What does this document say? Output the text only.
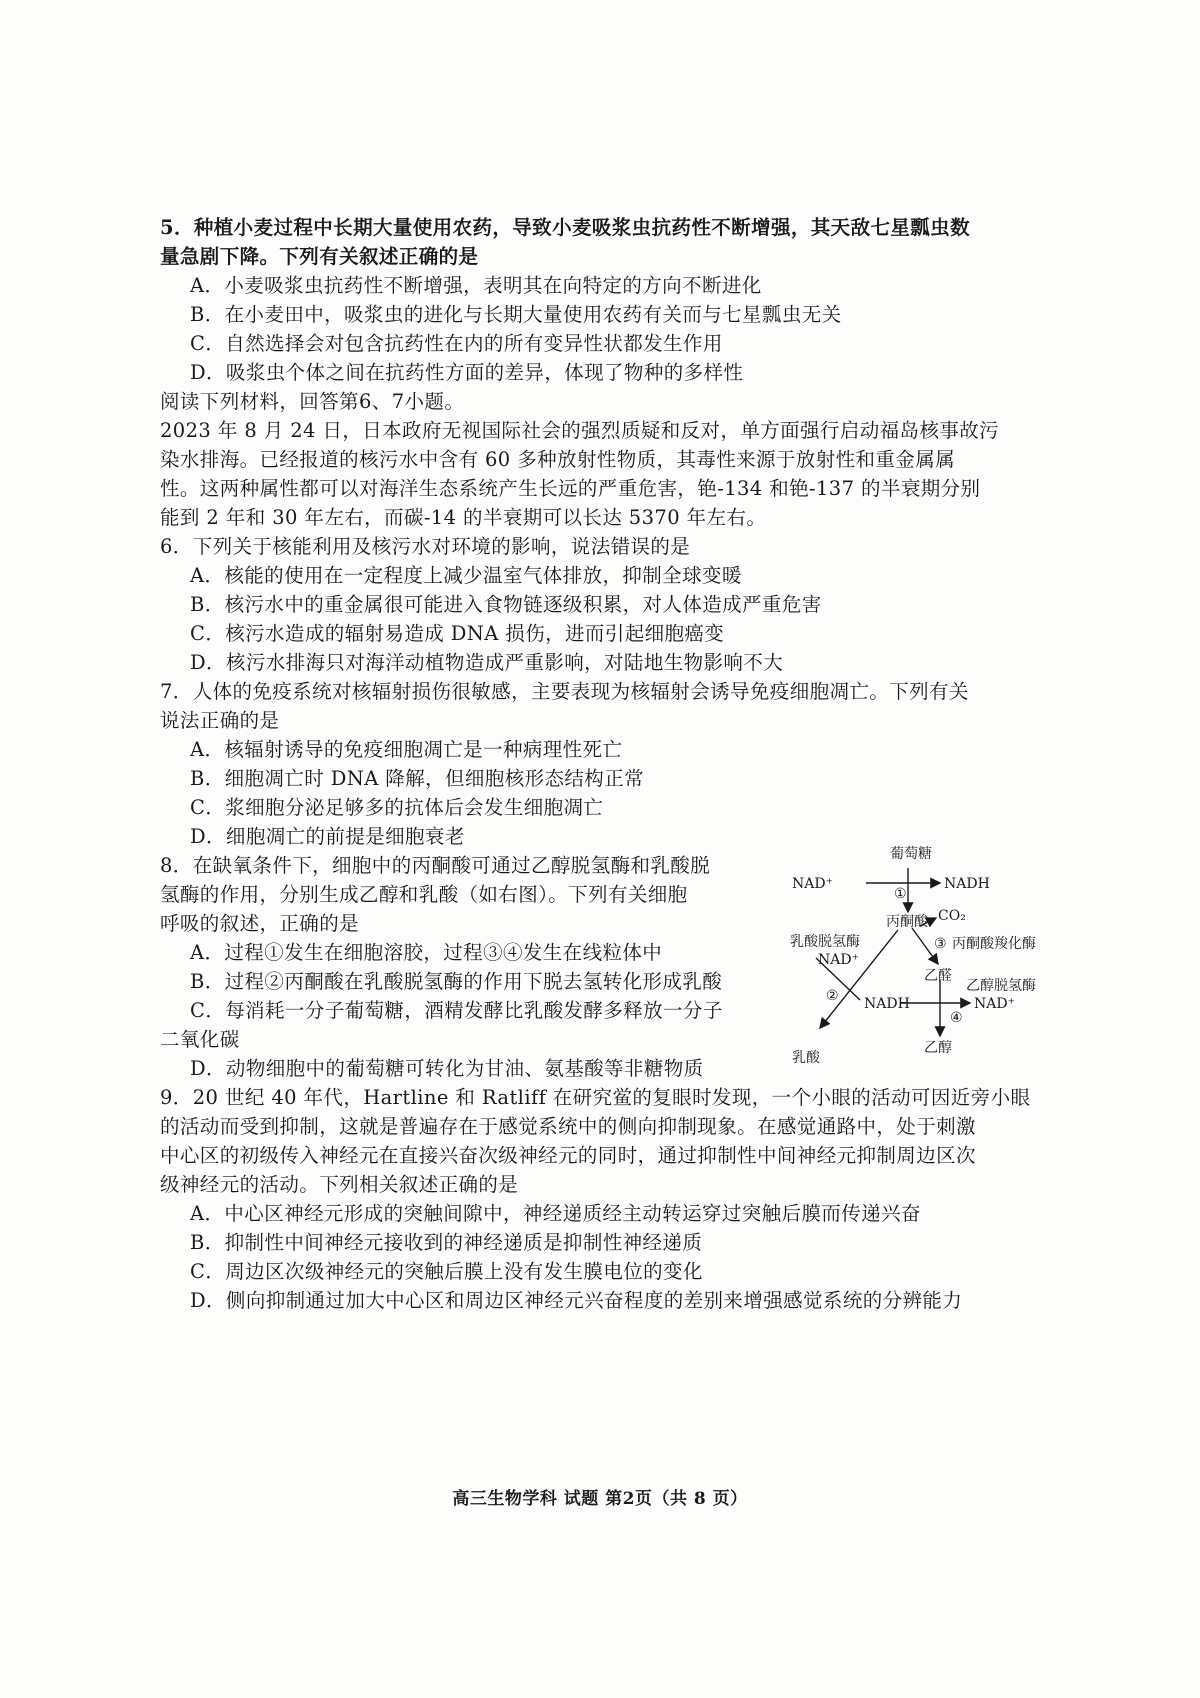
5．种植小麦过程中长期大量使用农药，导致小麦吸浆虫抗药性不断增强，其天敌七星瓢虫数
量急剧下降。下列有关叙述正确的是
A．小麦吸浆虫抗药性不断增强，表明其在向特定的方向不断进化
B．在小麦田中，吸浆虫的进化与长期大量使用农药有关而与七星瓢虫无关
C．自然选择会对包含抗药性在内的所有变异性状都发生作用
D．吸浆虫个体之间在抗药性方面的差异，体现了物种的多样性
阅读下列材料，回答第6、7小题。
2023 年 8 月 24 日，日本政府无视国际社会的强烈质疑和反对，单方面强行启动福岛核事故污
染水排海。已经报道的核污水中含有 60 多种放射性物质，其毒性来源于放射性和重金属属
性。这两种属性都可以对海洋生态系统产生长远的严重危害，铯-134 和铯-137 的半衰期分别
能到 2 年和 30 年左右，而碳-14 的半衰期可以长达 5370 年左右。
6．下列关于核能利用及核污水对环境的影响，说法错误的是
A．核能的使用在一定程度上减少温室气体排放，抑制全球变暖
B．核污水中的重金属很可能进入食物链逐级积累，对人体造成严重危害
C．核污水造成的辐射易造成 DNA 损伤，进而引起细胞癌变
D．核污水排海只对海洋动植物造成严重影响，对陆地生物影响不大
7．人体的免疫系统对核辐射损伤很敏感，主要表现为核辐射会诱导免疫细胞凋亡。下列有关
说法正确的是
A．核辐射诱导的免疫细胞凋亡是一种病理性死亡
B．细胞凋亡时 DNA 降解，但细胞核形态结构正常
C．浆细胞分泌足够多的抗体后会发生细胞凋亡
D．细胞凋亡的前提是细胞衰老
8．在缺氧条件下，细胞中的丙酮酸可通过乙醇脱氢酶和乳酸脱
氢酶的作用，分别生成乙醇和乳酸（如右图）。下列有关细胞
呼吸的叙述，正确的是
A．过程①发生在细胞溶胶，过程③④发生在线粒体中
B．过程②丙酮酸在乳酸脱氢酶的作用下脱去氢转化形成乳酸
C．每消耗一分子葡萄糖，酒精发酵比乳酸发酵多释放一分子
二氧化碳
D．动物细胞中的葡萄糖可转化为甘油、氨基酸等非糖物质
葡萄糖
NAD⁺
①
NADH
丙酮酸 CO₂
③ 丙酮酸羧化酶
乳酸脱氢酶
NAD⁺
乙醛
乙醇脱氢酶
② NADH	NAD⁺
④
乙醇
乳酸
9．20 世纪 40 年代，Hartline 和 Ratliff 在研究鲎的复眼时发现，一个小眼的活动可因近旁小眼
的活动而受到抑制，这就是普遍存在于感觉系统中的侧向抑制现象。在感觉通路中，处于刺激
中心区的初级传入神经元在直接兴奋次级神经元的同时，通过抑制性中间神经元抑制周边区次
级神经元的活动。下列相关叙述正确的是
A．中心区神经元形成的突触间隙中，神经递质经主动转运穿过突触后膜而传递兴奋
B．抑制性中间神经元接收到的神经递质是抑制性神经递质
C．周边区次级神经元的突触后膜上没有发生膜电位的变化
D．侧向抑制通过加大中心区和周边区神经元兴奋程度的差别来增强感觉系统的分辨能力
高三生物学科 试题 第2页（共 8 页）
